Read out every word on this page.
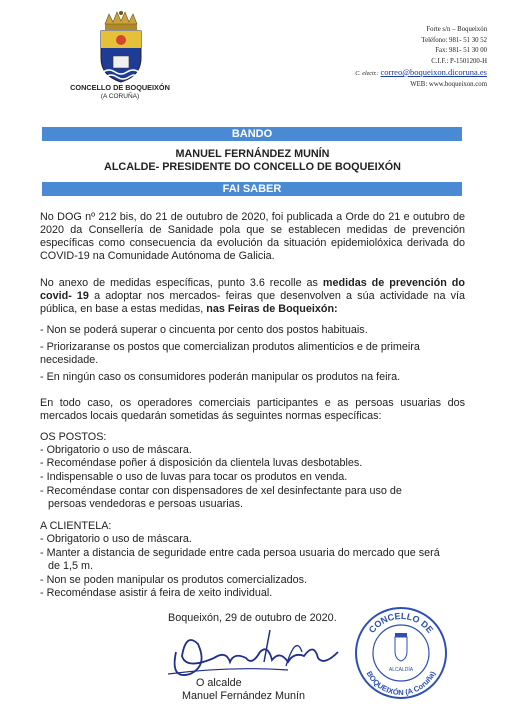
CONCELLO DE BOQUEIXÓN
(A CORUÑA)
Forte s/n – Boqueixón
Teléfono: 981- 51 30 52
Fax: 981- 51 30 00
C.I.F.: P-1501200-H
C. electr.: correo@boqueixon.dicoruna.es
WEB: www.boqueixon.com
BANDO
MANUEL FERNÁNDEZ MUNÍN
ALCALDE- PRESIDENTE DO CONCELLO DE BOQUEIXÓN
FAI SABER

No DOG nº 212 bis, do 21 de outubro de 2020, foi publicada a Orde do 21 e outubro de 2020 da Consellería de Sanidade pola que se establecen medidas de prevención específicas como consecuencia da evolución da situación epidemiolóxica derivada do COVID-19 na Comunidade Autónoma de Galicia.

No anexo de medidas específicas, punto 3.6 recolle as medidas de prevención do covid- 19 a adoptar nos mercados- feiras que desenvolven a súa actividade na vía pública, en base a estas medidas, nas Feiras de Boqueixón:

- Non se poderá superar o cincuenta por cento dos postos habituais.
- Priorizaranse os postos que comercializan produtos alimenticios e de primeira
necesidade.
- En ningún caso os consumidores poderán manipular os produtos na feira.

En todo caso, os operadores comerciais participantes e as persoas usuarias dos mercados locais quedarán sometidas ás seguintes normas específicas:

OS POSTOS:
- Obrigatorio o uso de máscara.
- Recoméndase poñer á disposición da clientela luvas desbotables.
- Indispensable o uso de luvas para tocar os produtos en venda.
- Recoméndase contar con dispensadores de xel desinfectante para uso de
persoas vendedoras e persoas usuarias.
A CLIENTELA:
- Obrigatorio o uso de máscara.
- Manter a distancia de seguridade entre cada persoa usuaria do mercado que será
de 1,5 m.
- Non se poden manipular os produtos comercializados.
- Recoméndase asistir á feira de xeito individual.
Boqueixón, 29 de outubro de 2020.
O alcalde
Manuel Fernández Munín
CONCELLO DE
BOQUEIXÓN (A Coruña)
ALCALDÍA
